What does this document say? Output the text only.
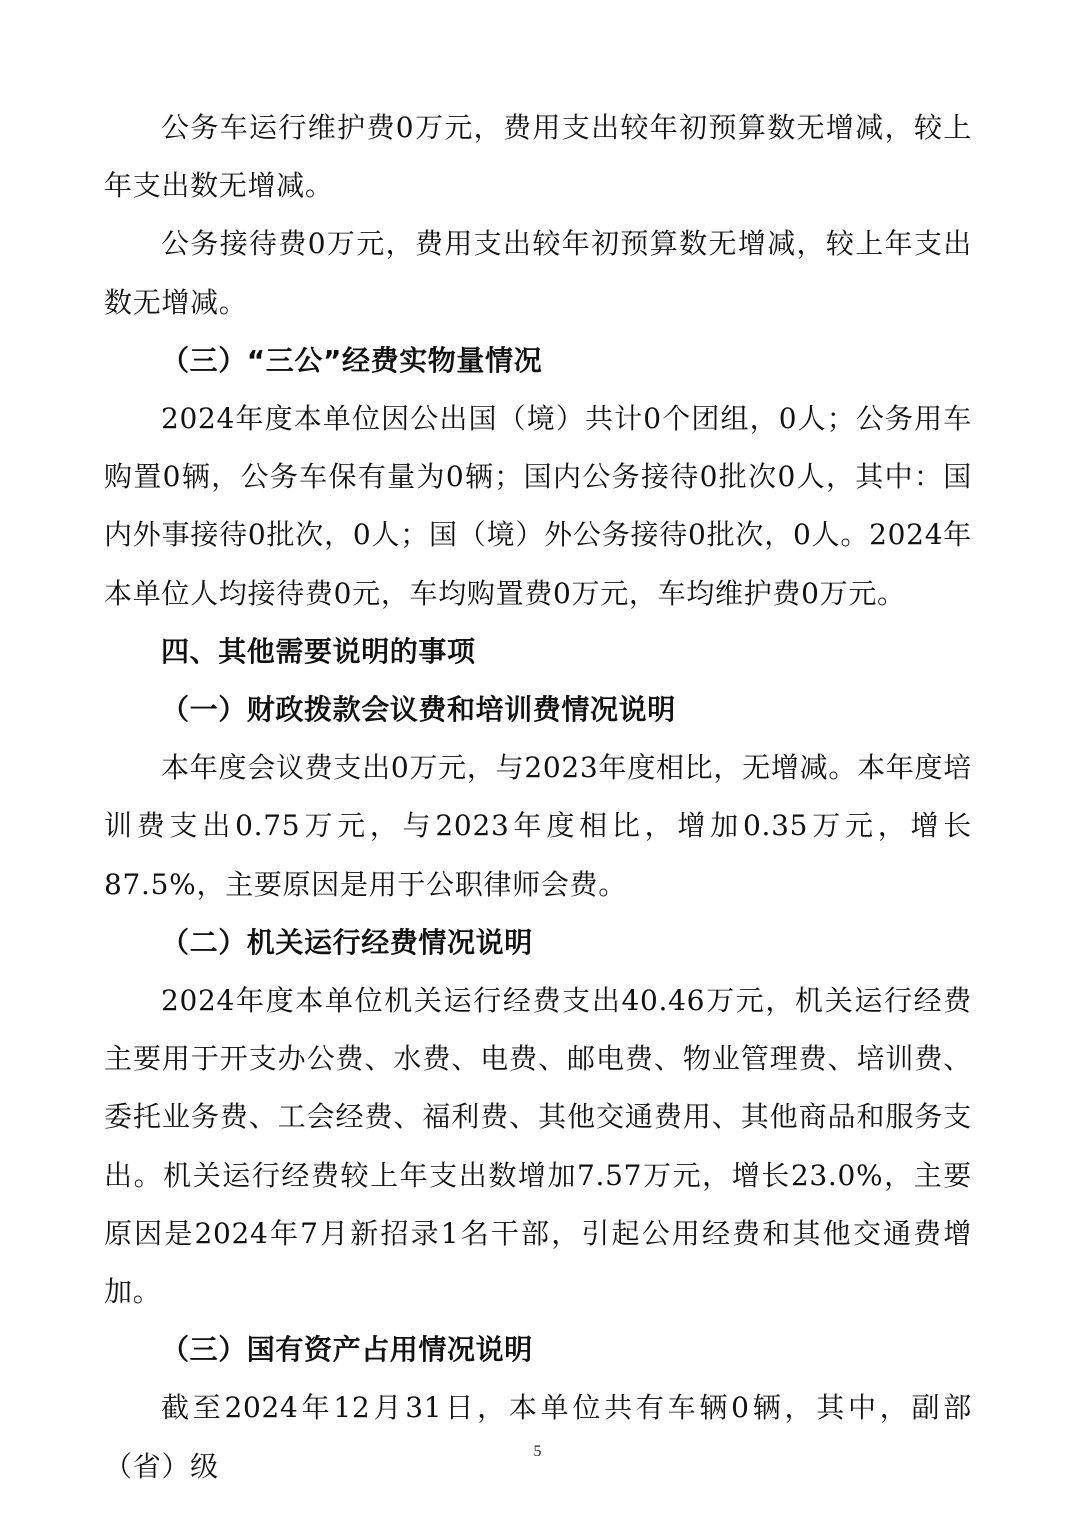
公务车运行维护费0万元，费用支出较年初预算数无增减，较上年支出数无增减。

公务接待费0万元，费用支出较年初预算数无增减，较上年支出数无增减。

（三）“三公”经费实物量情况

2024年度本单位因公出国（境）共计0个团组，0人；公务用车购置0辆，公务车保有量为0辆；国内公务接待0批次0人，其中：国内外事接待0批次，0人；国（境）外公务接待0批次，0人。2024年本单位人均接待费0元，车均购置费0万元，车均维护费0万元。

四、其他需要说明的事项

（一）财政拨款会议费和培训费情况说明

本年度会议费支出0万元，与2023年度相比，无增减。本年度培训费支出0.75万元，与2023年度相比，增加0.35万元，增长87.5%，主要原因是用于公职律师会费。

（二）机关运行经费情况说明

2024年度本单位机关运行经费支出40.46万元，机关运行经费主要用于开支办公费、水费、电费、邮电费、物业管理费、培训费、委托业务费、工会经费、福利费、其他交通费用、其他商品和服务支出。机关运行经费较上年支出数增加7.57万元，增长23.0%，主要原因是2024年7月新招录1名干部，引起公用经费和其他交通费增加。

（三）国有资产占用情况说明

截至2024年12月31日，本单位共有车辆0辆，其中，副部（省）级	5
